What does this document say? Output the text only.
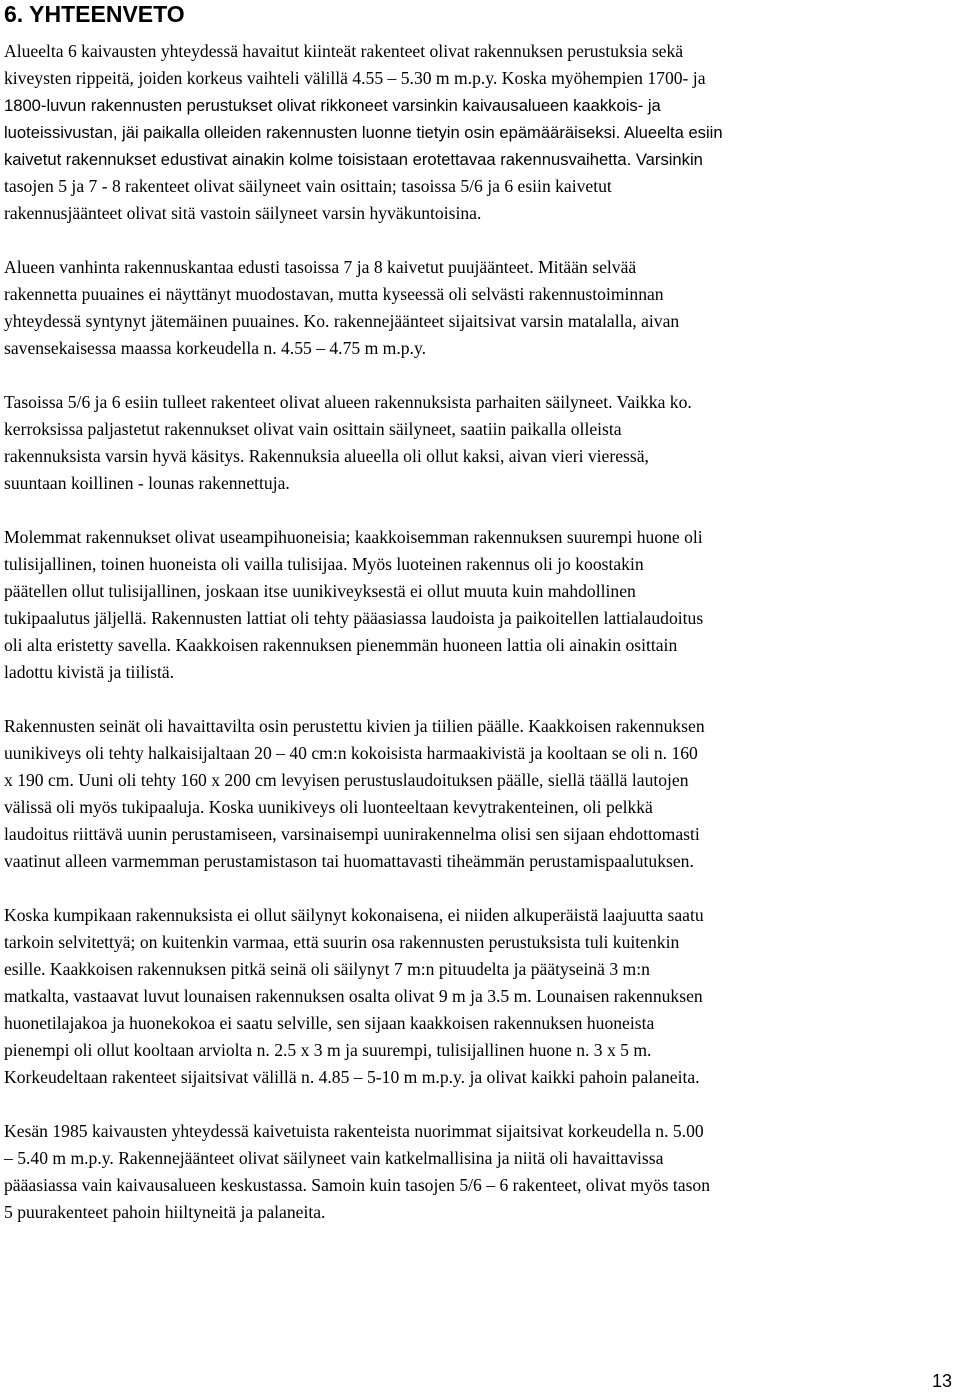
6. YHTEENVETO

Alueelta 6 kaivausten yhteydessä havaitut kiinteät rakenteet olivat rakennuksen perustuksia sekä
kiveysten rippeitä, joiden korkeus vaihteli välillä 4.55 – 5.30 m m.p.y. Koska myöhempien 1700- ja
1800-luvun rakennusten perustukset olivat rikkoneet varsinkin kaivausalueen kaakkois- ja
luoteissivustan, jäi paikalla olleiden rakennusten luonne tietyin osin epämääräiseksi. Alueelta esiin
kaivetut rakennukset edustivat ainakin kolme toisistaan erotettavaa rakennusvaihetta. Varsinkin
tasojen 5 ja 7 - 8 rakenteet olivat säilyneet vain osittain; tasoissa 5/6 ja 6 esiin kaivetut
rakennusjäänteet olivat sitä vastoin säilyneet varsin hyväkuntoisina.

Alueen vanhinta rakennuskantaa edusti tasoissa 7 ja 8 kaivetut puujäänteet. Mitään selvää
rakennetta puuaines ei näyttänyt muodostavan, mutta kyseessä oli selvästi rakennustoiminnan
yhteydessä syntynyt jätemäinen puuaines. Ko. rakennejäänteet sijaitsivat varsin matalalla, aivan
savensekaisessa maassa korkeudella n. 4.55 – 4.75 m m.p.y.

Tasoissa 5/6 ja 6 esiin tulleet rakenteet olivat alueen rakennuksista parhaiten säilyneet. Vaikka ko.
kerroksissa paljastetut rakennukset olivat vain osittain säilyneet, saatiin paikalla olleista
rakennuksista varsin hyvä käsitys. Rakennuksia alueella oli ollut kaksi, aivan vieri vieressä,
suuntaan koillinen - lounas rakennettuja.

Molemmat rakennukset olivat useampihuoneisia; kaakkoisemman rakennuksen suurempi huone oli
tulisijallinen, toinen huoneista oli vailla tulisijaa. Myös luoteinen rakennus oli jo koostakin
päätellen ollut tulisijallinen, joskaan itse uunikiveyksestä ei ollut muuta kuin mahdollinen
tukipaalutus jäljellä. Rakennusten lattiat oli tehty pääasiassa laudoista ja paikoitellen lattialaudoitus
oli alta eristetty savella. Kaakkoisen rakennuksen pienemmän huoneen lattia oli ainakin osittain
ladottu kivistä ja tiilistä.

Rakennusten seinät oli havaittavilta osin perustettu kivien ja tiilien päälle. Kaakkoisen rakennuksen
uunikiveys oli tehty halkaisijaltaan 20 – 40 cm:n kokoisista harmaakivistä ja kooltaan se oli n. 160
x 190 cm. Uuni oli tehty 160 x 200 cm levyisen perustuslaudoituksen päälle, siellä täällä lautojen
välissä oli myös tukipaaluja. Koska uunikiveys oli luonteeltaan kevytrakenteinen, oli pelkkä
laudoitus riittävä uunin perustamiseen, varsinaisempi uunirakennelma olisi sen sijaan ehdottomasti
vaatinut alleen varmemman perustamistason tai huomattavasti tiheämmän perustamispaalutuksen.

Koska kumpikaan rakennuksista ei ollut säilynyt kokonaisena, ei niiden alkuperäistä laajuutta saatu
tarkoin selvitettyä; on kuitenkin varmaa, että suurin osa rakennusten perustuksista tuli kuitenkin
esille. Kaakkoisen rakennuksen pitkä seinä oli säilynyt 7 m:n pituudelta ja päätyseinä 3 m:n
matkalta, vastaavat luvut lounaisen rakennuksen osalta olivat 9 m ja 3.5 m. Lounaisen rakennuksen
huonetilajakoa ja huonekokoa ei saatu selville, sen sijaan kaakkoisen rakennuksen huoneista
pienempi oli ollut kooltaan arviolta n. 2.5 x 3 m ja suurempi, tulisijallinen huone n. 3 x 5 m.
Korkeudeltaan rakenteet sijaitsivat välillä n. 4.85 – 5-10 m m.p.y. ja olivat kaikki pahoin palaneita.

Kesän 1985 kaivausten yhteydessä kaivetuista rakenteista nuorimmat sijaitsivat korkeudella n. 5.00
– 5.40 m m.p.y. Rakennejäänteet olivat säilyneet vain katkelmallisina ja niitä oli havaittavissa
pääasiassa vain kaivausalueen keskustassa. Samoin kuin tasojen 5/6 – 6 rakenteet, olivat myös tason
5 puurakenteet pahoin hiiltyneitä ja palaneita.

13
